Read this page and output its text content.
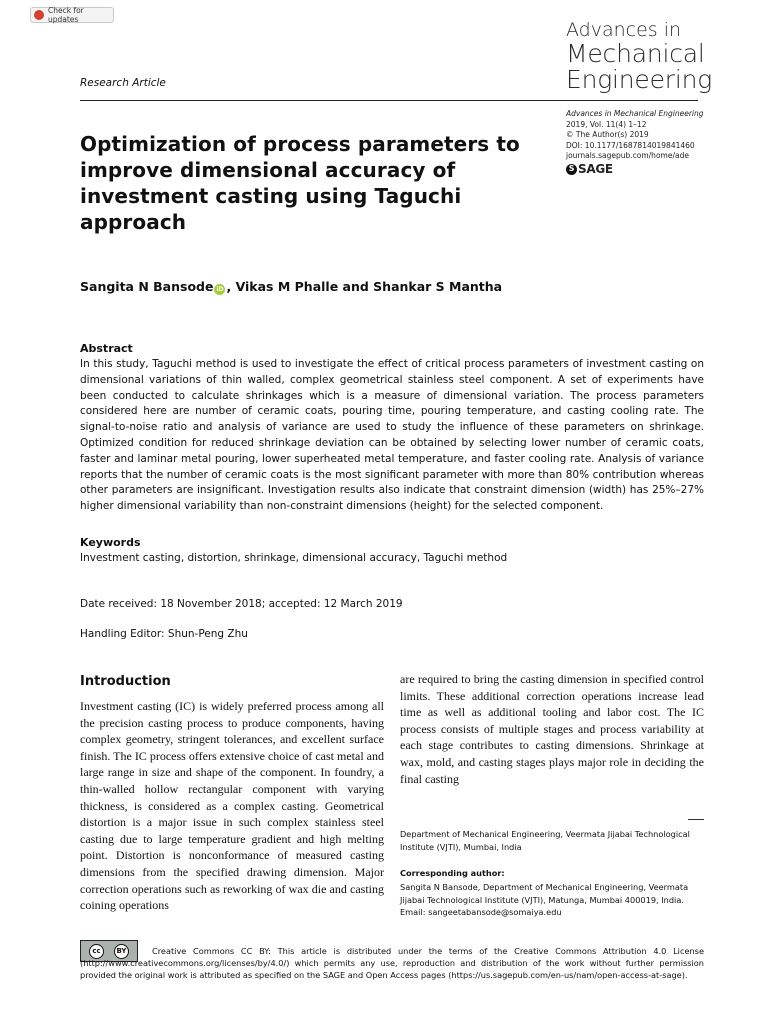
Check for updates	Advances in
Mechanical
Engineering
Research Article
Advances in Mechanical Engineering
2019, Vol. 11(4) 1–12
© The Author(s) 2019
DOI: 10.1177/1687814019841460
journals.sagepub.com/home/ade
S SAGE
Optimization of process parameters to improve dimensional accuracy of investment casting using Taguchi approach
Sangita N Bansode iD , Vikas M Phalle and Shankar S Mantha
Abstract
In this study, Taguchi method is used to investigate the effect of critical process parameters of investment casting on dimensional variations of thin walled, complex geometrical stainless steel component. A set of experiments have been conducted to calculate shrinkages which is a measure of dimensional variation. The process parameters considered here are number of ceramic coats, pouring time, pouring temperature, and casting cooling rate. The signal-to-noise ratio and analysis of variance are used to study the influence of these parameters on shrinkage. Optimized condition for reduced shrinkage deviation can be obtained by selecting lower number of ceramic coats, faster and laminar metal pouring, lower superheated metal temperature, and faster cooling rate. Analysis of variance reports that the number of ceramic coats is the most significant parameter with more than 80% contribution whereas other parameters are insignificant. Investigation results also indicate that constraint dimension (width) has 25%–27% higher dimensional variability than non-constraint dimensions (height) for the selected component.
Keywords
Investment casting, distortion, shrinkage, dimensional accuracy, Taguchi method
Date received: 18 November 2018; accepted: 12 March 2019
Handling Editor: Shun-Peng Zhu
Introduction
Investment casting (IC) is widely preferred process among all the precision casting process to produce components, having complex geometry, stringent tolerances, and excellent surface finish. The IC process offers extensive choice of cast metal and large range in size and shape of the component. In foundry, a thin-walled hollow rectangular component with varying thickness, is considered as a complex casting. Geometrical distortion is a major issue in such complex stainless steel casting due to large temperature gradient and high melting point. Distortion is nonconformance of measured casting dimensions from the specified drawing dimension. Major correction operations such as reworking of wax die and casting coining operations
are required to bring the casting dimension in specified control limits. These additional correction operations increase lead time as well as additional tooling and labor cost. The IC process consists of multiple stages and process variability at each stage contributes to casting dimensions. Shrinkage at wax, mold, and casting stages plays major role in deciding the final casting
Department of Mechanical Engineering, Veermata Jijabai Technological Institute (VJTI), Mumbai, India
Corresponding author:
Sangita N Bansode, Department of Mechanical Engineering, Veermata Jijabai Technological Institute (VJTI), Matunga, Mumbai 400019, India.
Email: sangeetabansode@somaiya.edu
cc	BY	Creative Commons CC BY: This article is distributed under the terms of the Creative Commons Attribution 4.0 License (http://www.creativecommons.org/licenses/by/4.0/) which permits any use, reproduction and distribution of the work without further permission provided the original work is attributed as specified on the SAGE and Open Access pages (https://us.sagepub.com/en-us/nam/open-access-at-sage).
